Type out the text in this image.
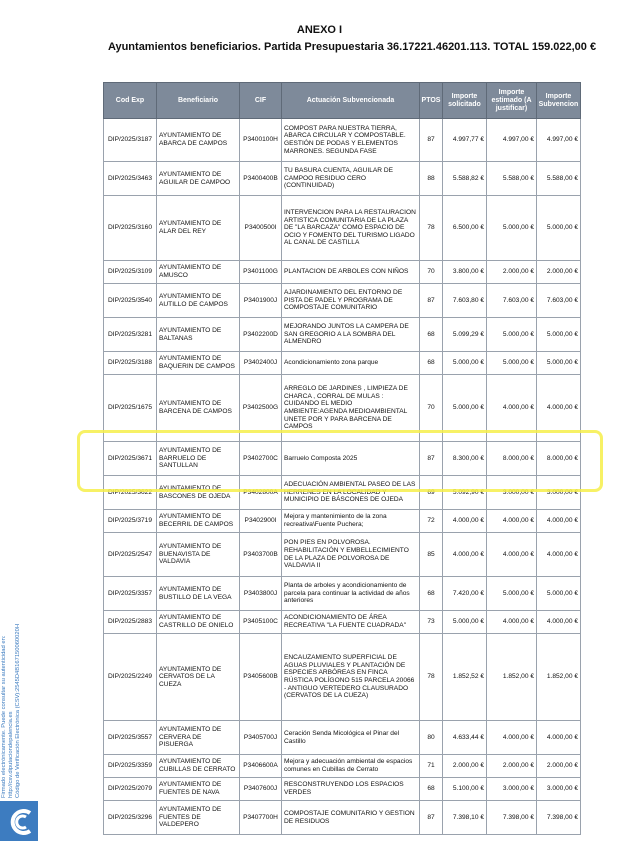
ANEXO I
Ayuntamientos beneficiarios. Partida Presupuestaria 36.17221.46201.113. TOTAL 159.022,00 €
Cod Exp	Beneficiario	CIF	Actuación Subvencionada	PTOS	Importe solicitado	Importe estimado (A justificar)	Importe Subvencion
DIP/2025/3187	AYUNTAMIENTO DE ABARCA DE CAMPOS	P3400100H	COMPOST PARA NUESTRA TIERRA, ABARCA CIRCULAR Y COMPOSTABLE. GESTIÓN DE PODAS Y ELEMENTOS MARRONES. SEGUNDA FASE	87	4.997,77 €	4.997,00 €	4.997,00 €
DIP/2025/3463	AYUNTAMIENTO DE AGUILAR DE CAMPOO	P3400400B	TU BASURA CUENTA, AGUILAR DE CAMPOO RESIDUO CERO (CONTINUIDAD)	88	5.588,82 €	5.588,00 €	5.588,00 €
DIP/2025/3160	AYUNTAMIENTO DE ALAR DEL REY	P3400500I	INTERVENCION PARA LA RESTAURACION ARTISTICA COMUNITARIA DE LA PLAZA DE "LA BARCAZA" COMO ESPACIO DE OCIO Y FOMENTO DEL TURISMO LIGADO AL CANAL DE CASTILLA	78	6.500,00 €	5.000,00 €	5.000,00 €
DIP/2025/3109	AYUNTAMIENTO DE AMUSCO	P3401100G	PLANTACION DE ARBOLES CON NIÑOS	70	3.800,00 €	2.000,00 €	2.000,00 €
DIP/2025/3540	AYUNTAMIENTO DE AUTILLO DE CAMPOS	P3401900J	AJARDINAMIENTO DEL ENTORNO DE PISTA DE PADEL Y PROGRAMA DE COMPOSTAJE COMUNITARIO	87	7.603,80 €	7.603,00 €	7.603,00 €
DIP/2025/3281	AYUNTAMIENTO DE BALTANAS	P3402200D	MEJORANDO JUNTOS LA CAMPERA DE SAN GREGORIO A LA SOMBRA DEL ALMENDRO	68	5.099,29 €	5.000,00 €	5.000,00 €
DIP/2025/3188	AYUNTAMIENTO DE BAQUERIN DE CAMPOS	P3402400J	Acondicionamiento zona parque	68	5.000,00 €	5.000,00 €	5.000,00 €
DIP/2025/1675	AYUNTAMIENTO DE BARCENA DE CAMPOS	P3402500G	ARREGLO DE JARDINES , LIMPIEZA DE CHARCA , CORRAL DE MULAS : CUIDANDO EL MEDIO AMBIENTE:AGENDA MEDIOAMBIENTAL UNETE POR Y PARA BARCENA DE CAMPOS	70	5.000,00 €	4.000,00 €	4.000,00 €
DIP/2025/3671	AYUNTAMIENTO DE BARRUELO DE SANTULLAN	P3402700C	Barruelo Composta 2025	87	8.300,00 €	8.000,00 €	8.000,00 €
DIP/2025/3622	AYUNTAMIENTO DE BASCONES DE OJEDA	P3402800A	ADECUACIÓN AMBIENTAL PASEO DE LAS HERRENES EN LA LOCALIDAD Y MUNICIPIO DE BÁSCONES DE OJEDA	69	5.092,90 €	3.000,00 €	3.000,00 €
DIP/2025/3719	AYUNTAMIENTO DE BECERRIL DE CAMPOS	P3402900I	Mejora y mantenimiento de la zona recreativa\Fuente Puchera;	72	4.000,00 €	4.000,00 €	4.000,00 €
DIP/2025/2547	AYUNTAMIENTO DE BUENAVISTA DE VALDAVIA	P3403700B	PON PIES EN POLVOROSA. REHABILITACIÓN Y EMBELLECIMIENTO DE LA PLAZA DE POLVOROSA DE VALDAVIA II	85	4.000,00 €	4.000,00 €	4.000,00 €
DIP/2025/3357	AYUNTAMIENTO DE BUSTILLO DE LA VEGA	P3403800J	Planta de arboles y acondicionamiento de parcela para continuar la actividad de años anteriores	68	7.420,00 €	5.000,00 €	5.000,00 €
DIP/2025/2883	AYUNTAMIENTO DE CASTRILLO DE ONIELO	P3405100C	ACONDICIONAMIENTO DE ÁREA RECREATIVA "LA FUENTE CUADRADA"	73	5.000,00 €	4.000,00 €	4.000,00 €
DIP/2025/2249	AYUNTAMIENTO DE CERVATOS DE LA CUEZA	P3405600B	ENCAUZAMIENTO SUPERFICIAL DE AGUAS PLUVIALES Y PLANTACIÓN DE ESPECIES ARBÓREAS EN FINCA RÚSTICA POLÍGONO 515 PARCELA 20066 - ANTIGUO VERTEDERO CLAUSURADO (CERVATOS DE LA CUEZA)	78	1.852,52 €	1.852,00 €	1.852,00 €
DIP/2025/3557	AYUNTAMIENTO DE CERVERA DE PISUERGA	P3405700J	Ceración Senda Micológica el Pinar del Castillo	80	4.633,44 €	4.000,00 €	4.000,00 €
DIP/2025/3359	AYUNTAMIENTO DE CUBILLAS DE CERRATO	P3406600A	Mejora y adecuación ambiental de espacios comunes en Cubillas de Cerrato	71	2.000,00 €	2.000,00 €	2.000,00 €
DIP/2025/2079	AYUNTAMIENTO DE FUENTES DE NAVA	P3407600J	RESCONSTRUYENDO LOS ESPACIOS VERDES	68	5.100,00 €	3.000,00 €	3.000,00 €
DIP/2025/3296	AYUNTAMIENTO DE FUENTES DE VALDEPERO	P3407700H	COMPOSTAJE COMUNITARIO Y GESTION DE RESIDUOS	87	7.398,10 €	7.398,00 €	7.398,00 €
Firmado electrónicamente. Puede consultar su autenticidad en: http://csv.diputaciondepalencia.es Código de Verificación Electrónica (CSV):2545D4B167150060020H
